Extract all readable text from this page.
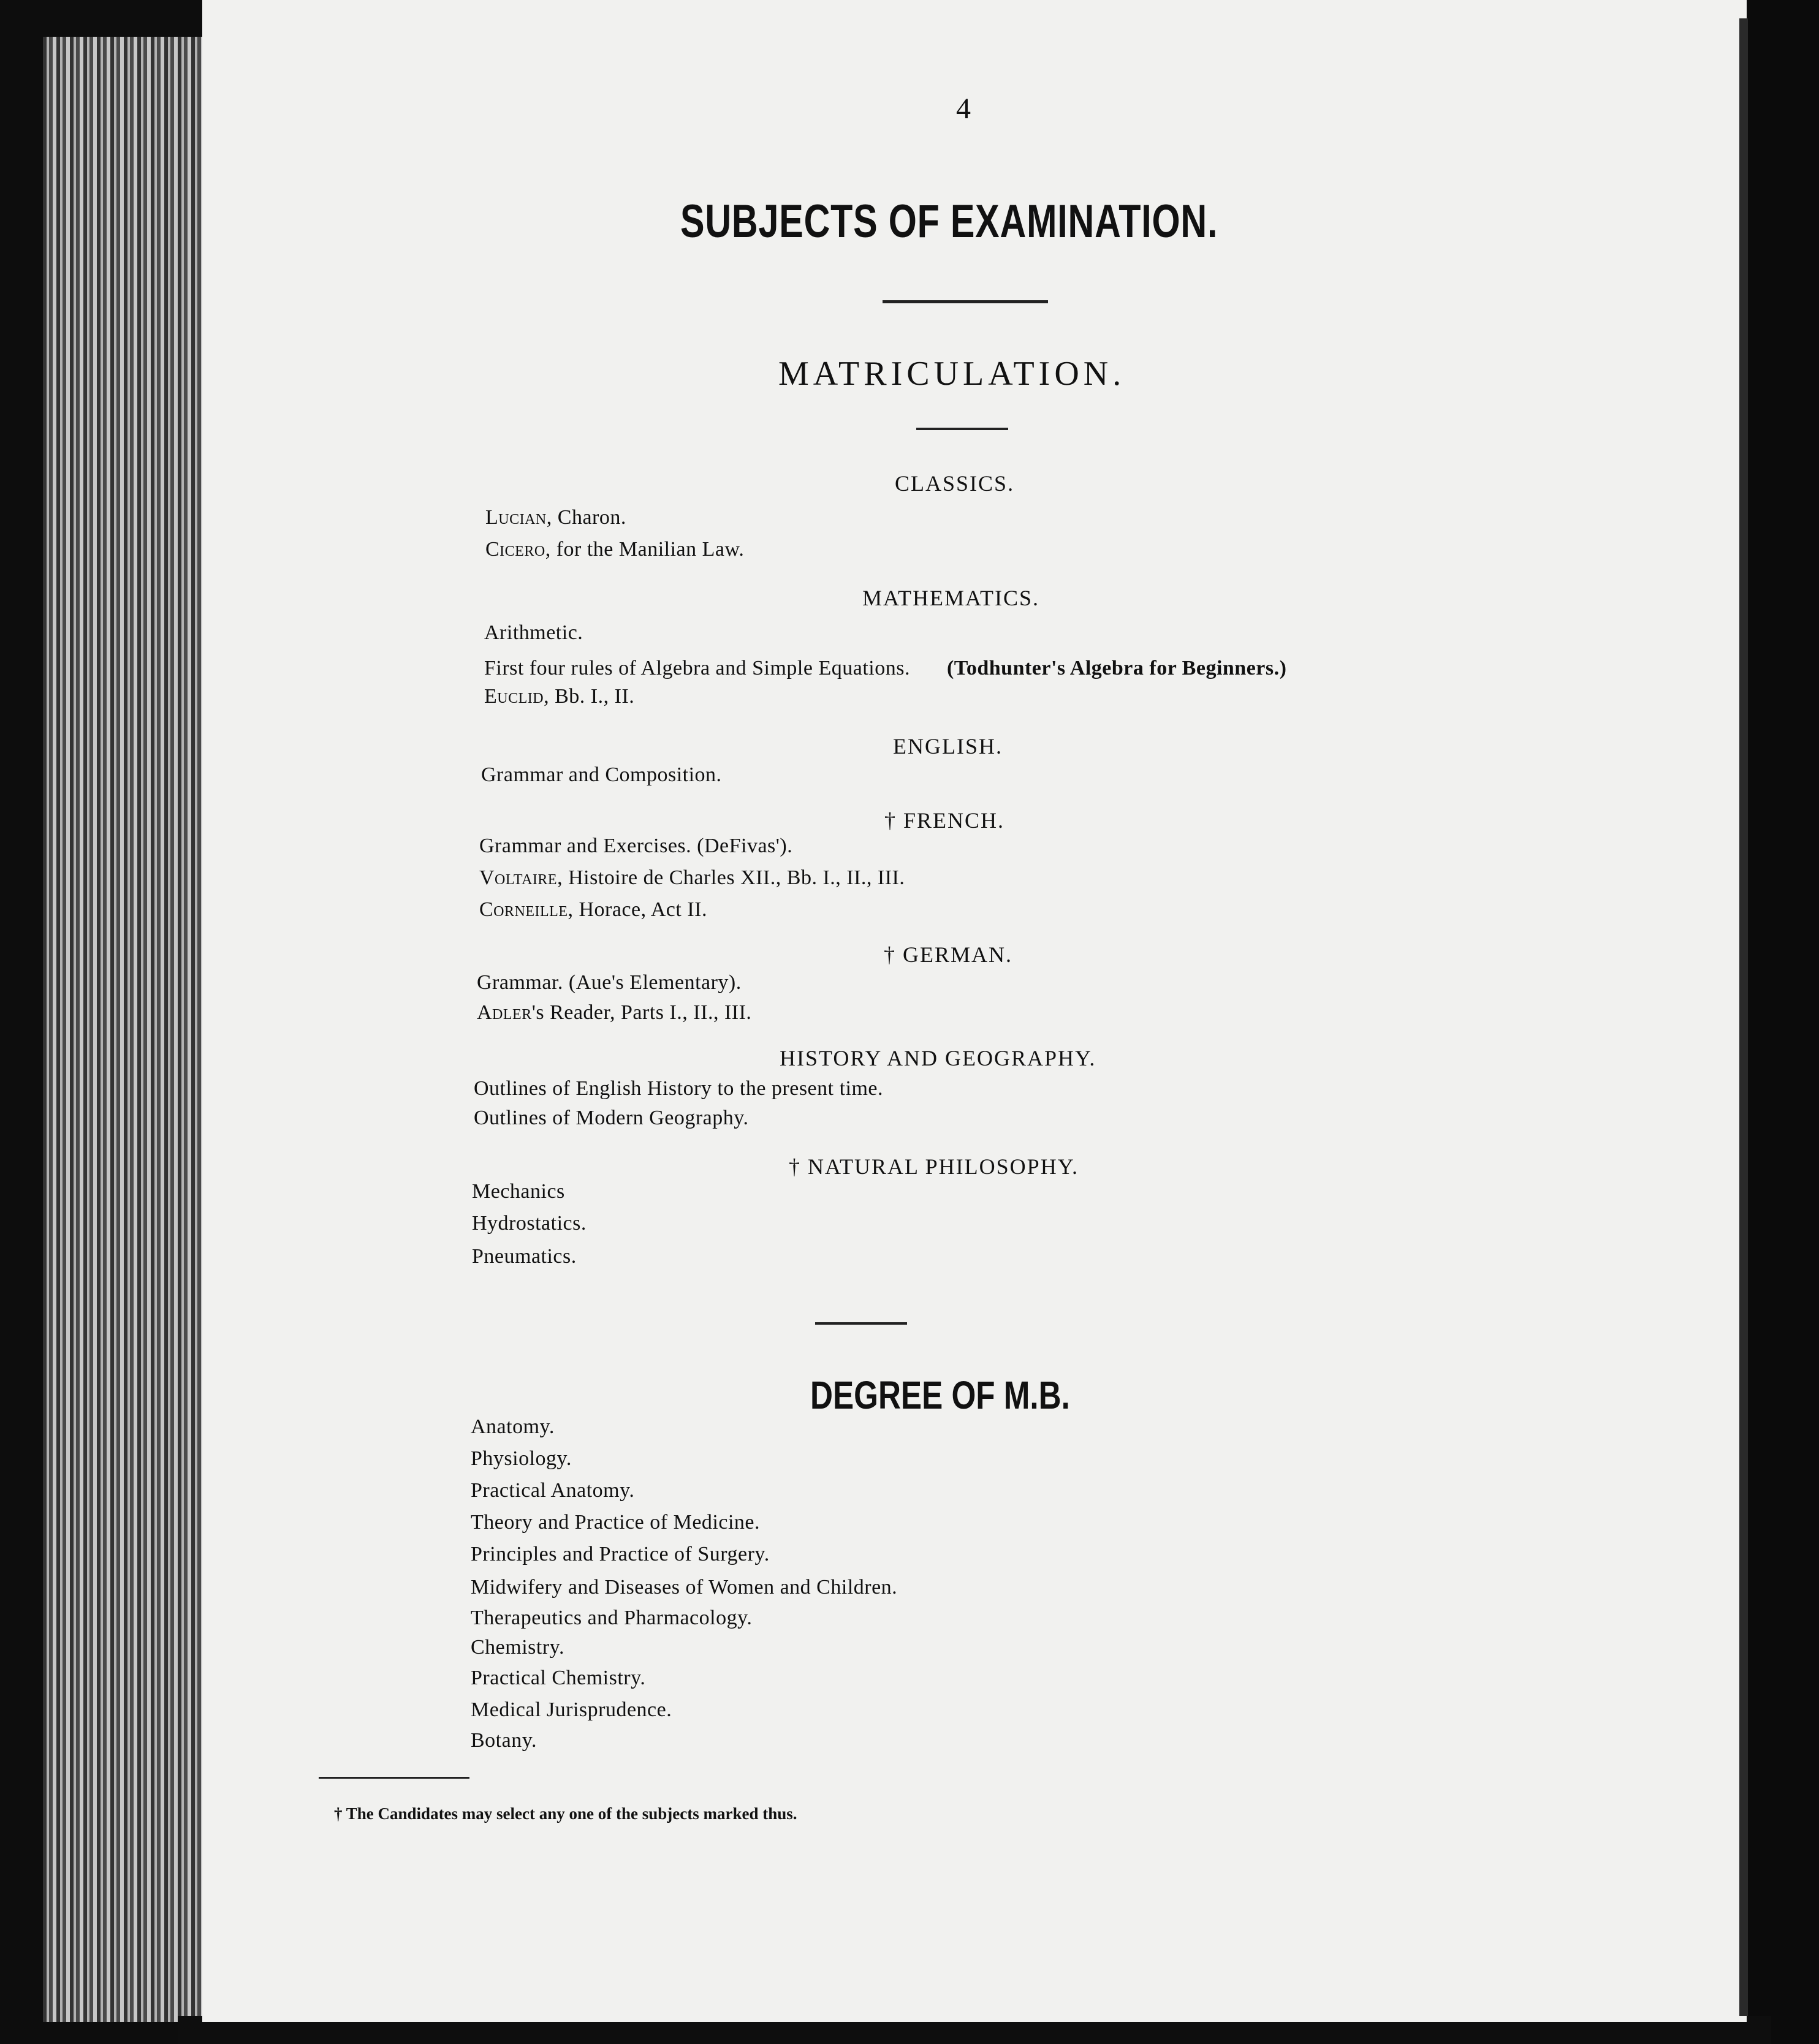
4
SUBJECTS OF EXAMINATION.
MATRICULATION.
CLASSICS.
Lucian, Charon.
Cicero, for the Manilian Law.
MATHEMATICS.
Arithmetic.
First four rules of Algebra and Simple Equations. (Todhunter's Algebra for Beginners.)
Euclid, Bb. I., II.
ENGLISH.
Grammar and Composition.
† FRENCH.
Grammar and Exercises. (DeFivas').
Voltaire, Histoire de Charles XII., Bb. I., II., III.
Corneille, Horace, Act II.
† GERMAN.
Grammar. (Aue's Elementary).
Adler's Reader, Parts I., II., III.
HISTORY AND GEOGRAPHY.
Outlines of English History to the present time.
Outlines of Modern Geography.
† NATURAL PHILOSOPHY.
Mechanics
Hydrostatics.
Pneumatics.
DEGREE OF M.B.
Anatomy.
Physiology.
Practical Anatomy.
Theory and Practice of Medicine.
Principles and Practice of Surgery.
Midwifery and Diseases of Women and Children.
Therapeutics and Pharmacology.
Chemistry.
Practical Chemistry.
Medical Jurisprudence.
Botany.
† The Candidates may select any one of the subjects marked thus.
